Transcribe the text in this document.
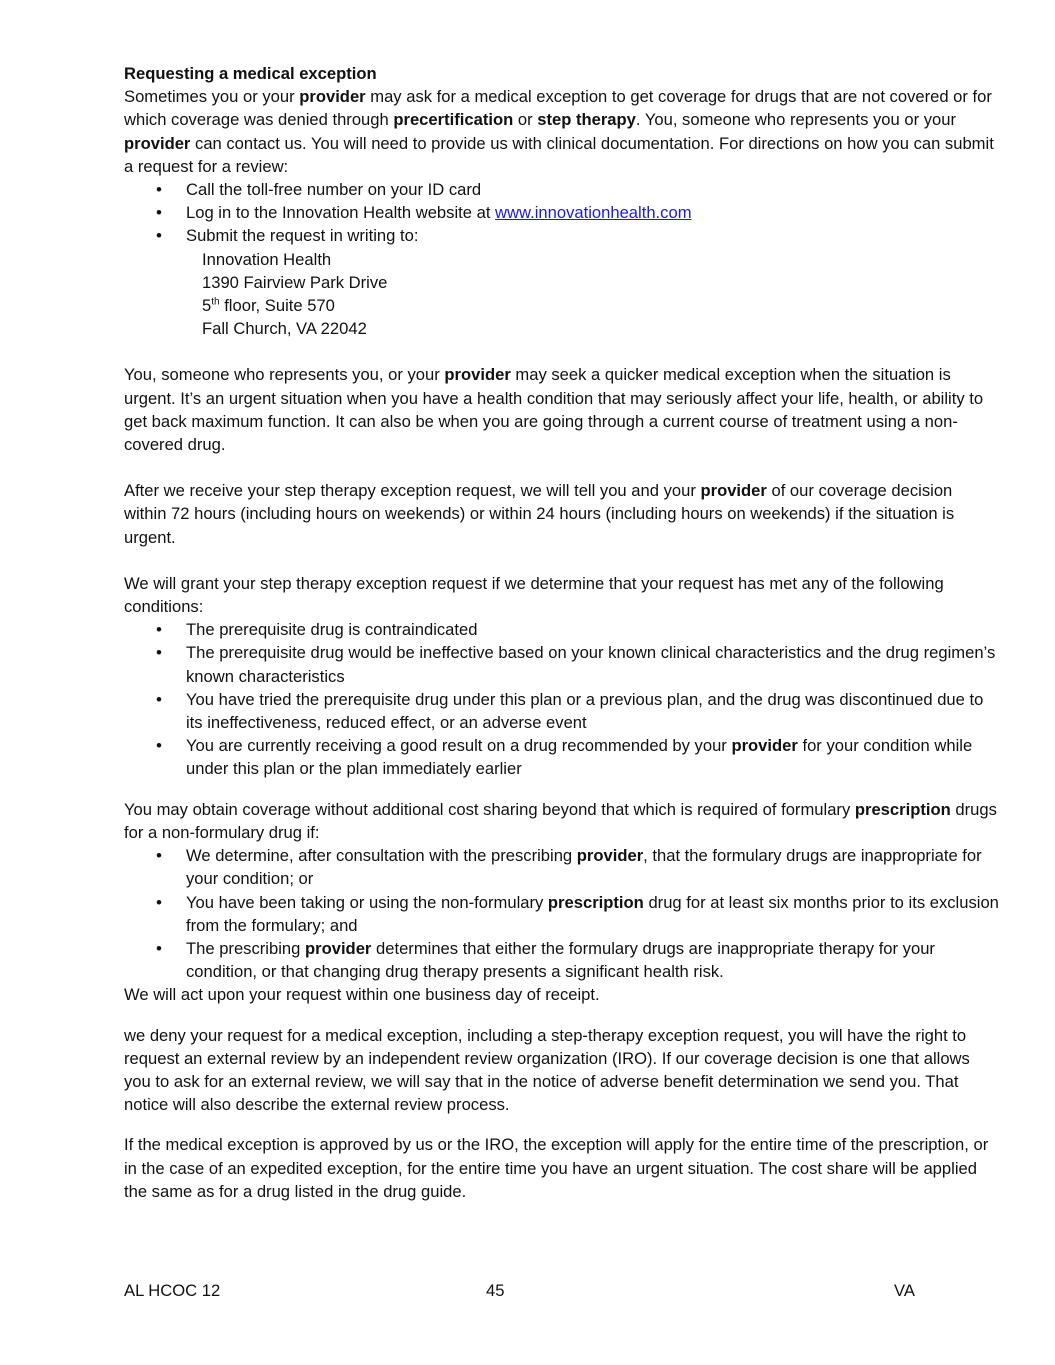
Requesting a medical exception

Sometimes you or your provider may ask for a medical exception to get coverage for drugs that are not covered or for which coverage was denied through precertification or step therapy. You, someone who represents you or your provider can contact us. You will need to provide us with clinical documentation. For directions on how you can submit a request for a review:

• Call the toll-free number on your ID card
• Log in to the Innovation Health website at www.innovationhealth.com
• Submit the request in writing to:
Innovation Health
1390 Fairview Park Drive
5th floor, Suite 570
Fall Church, VA 22042

You, someone who represents you, or your provider may seek a quicker medical exception when the situation is urgent. It’s an urgent situation when you have a health condition that may seriously affect your life, health, or ability to get back maximum function. It can also be when you are going through a current course of treatment using a non-covered drug.

After we receive your step therapy exception request, we will tell you and your provider of our coverage decision within 72 hours (including hours on weekends) or within 24 hours (including hours on weekends) if the situation is urgent.

We will grant your step therapy exception request if we determine that your request has met any of the following conditions:

• The prerequisite drug is contraindicated
• The prerequisite drug would be ineffective based on your known clinical characteristics and the drug regimen’s known characteristics
• You have tried the prerequisite drug under this plan or a previous plan, and the drug was discontinued due to its ineffectiveness, reduced effect, or an adverse event
• You are currently receiving a good result on a drug recommended by your provider for your condition while under this plan or the plan immediately earlier

You may obtain coverage without additional cost sharing beyond that which is required of formulary prescription drugs for a non-formulary drug if:

• We determine, after consultation with the prescribing provider, that the formulary drugs are inappropriate for your condition; or
• You have been taking or using the non-formulary prescription drug for at least six months prior to its exclusion from the formulary; and
• The prescribing provider determines that either the formulary drugs are inappropriate therapy for your condition, or that changing drug therapy presents a significant health risk.

We will act upon your request within one business day of receipt.

we deny your request for a medical exception, including a step-therapy exception request, you will have the right to request an external review by an independent review organization (IRO). If our coverage decision is one that allows you to ask for an external review, we will say that in the notice of adverse benefit determination we send you. That notice will also describe the external review process.

If the medical exception is approved by us or the IRO, the exception will apply for the entire time of the prescription, or in the case of an expedited exception, for the entire time you have an urgent situation. The cost share will be applied the same as for a drug listed in the drug guide.

AL HCOC 12	45	VA
